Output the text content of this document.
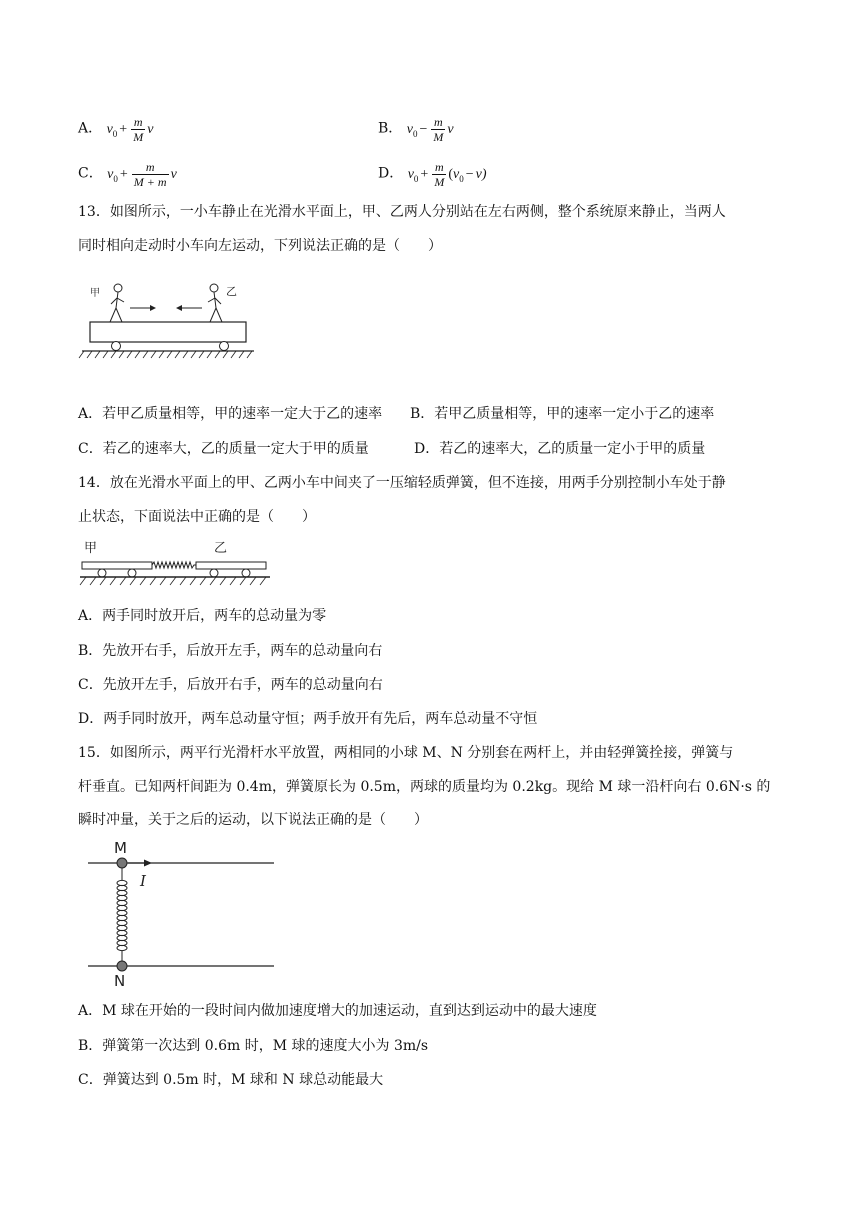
A． $v_0 + \frac{m}{M}$ v	B． $v_0 - \frac{m}{M}$ v
C． $v_0 + \frac{m}{M + m}$ v	D． $v_0 + \frac{m}{M} (v_0 - v)$
13．如图所示，一小车静止在光滑水平面上，甲、乙两人分别站在左右两侧，整个系统原来静止，当两人
同时相向走动时小车向左运动，下列说法正确的是（　　）
甲	乙
A．若甲乙质量相等，甲的速率一定大于乙的速率 B．若甲乙质量相等，甲的速率一定小于乙的速率
C．若乙的速率大，乙的质量一定大于甲的质量	D．若乙的速率大，乙的质量一定小于甲的质量
14．放在光滑水平面上的甲、乙两小车中间夹了一压缩轻质弹簧，但不连接，用两手分别控制小车处于静
止状态，下面说法中正确的是（　　）
甲	乙
A．两手同时放开后，两车的总动量为零
B．先放开右手，后放开左手，两车的总动量向右
C．先放开左手，后放开右手，两车的总动量向右
D．两手同时放开，两车总动量守恒；两手放开有先后，两车总动量不守恒
15．如图所示，两平行光滑杆水平放置，两相同的小球 M、N 分别套在两杆上，并由轻弹簧拴接，弹簧与
杆垂直。已知两杆间距为 0.4m，弹簧原长为 0.5m，两球的质量均为 0.2kg。现给 M 球一沿杆向右 0.6N·s 的
瞬时冲量，关于之后的运动，以下说法正确的是（　　）
M
N
I
A．M 球在开始的一段时间内做加速度增大的加速运动，直到达到运动中的最大速度
B．弹簧第一次达到 0.6m 时，M 球的速度大小为 3m/s
C．弹簧达到 0.5m 时，M 球和 N 球总动能最大
